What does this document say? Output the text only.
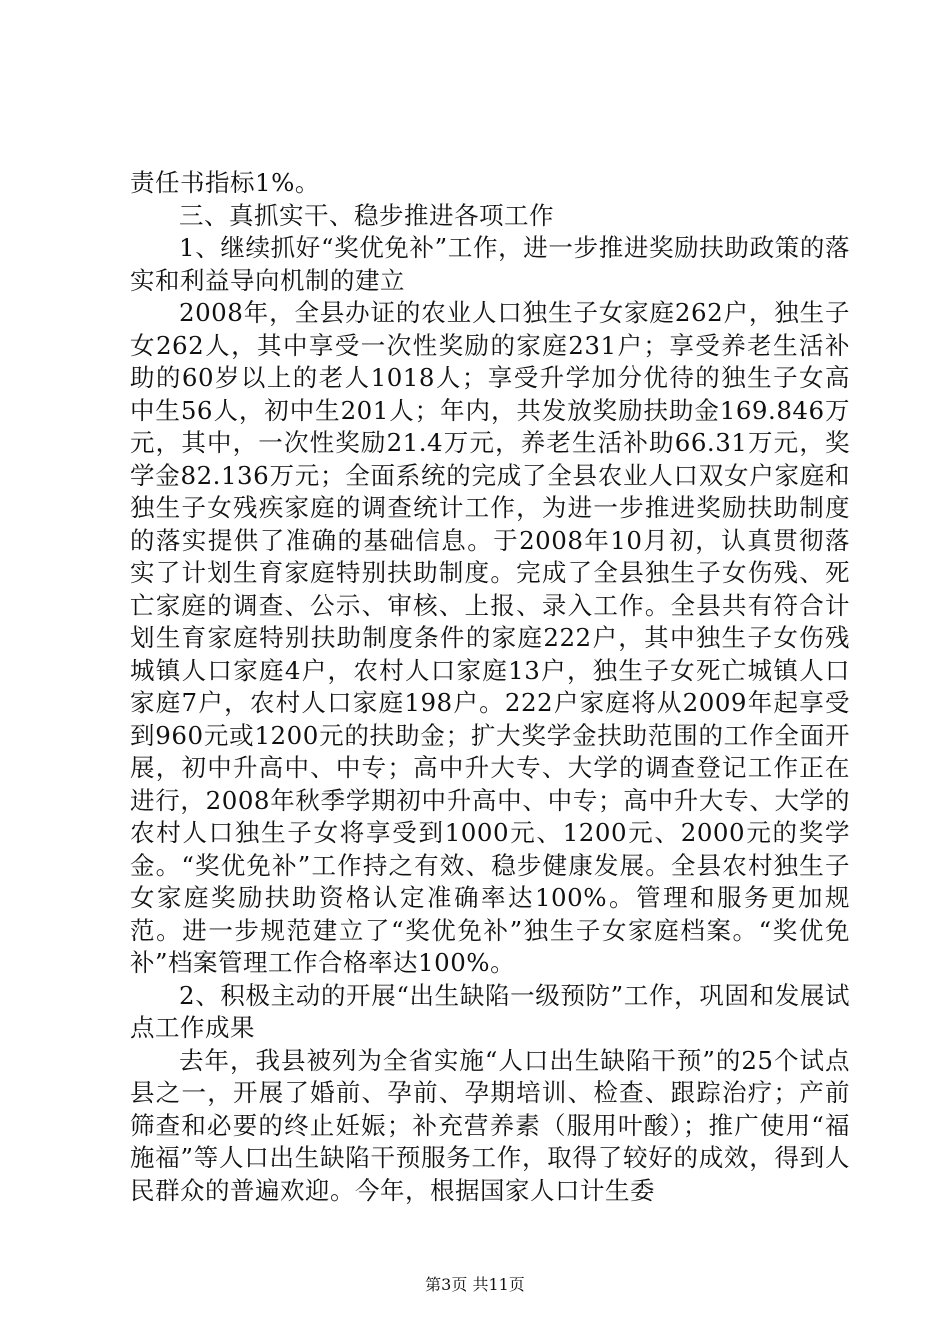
责任书指标1%。

三、真抓实干、稳步推进各项工作

1、继续抓好“奖优免补”工作，进一步推进奖励扶助政策的落实和利益导向机制的建立

2008年，全县办证的农业人口独生子女家庭262户，独生子女262人，其中享受一次性奖励的家庭231户；享受养老生活补助的60岁以上的老人1018人；享受升学加分优待的独生子女高中生56人，初中生201人；年内，共发放奖励扶助金169.846万元，其中，一次性奖励21.4万元，养老生活补助66.31万元，奖学金82.136万元；全面系统的完成了全县农业人口双女户家庭和独生子女残疾家庭的调查统计工作，为进一步推进奖励扶助制度的落实提供了准确的基础信息。于2008年10月初，认真贯彻落实了计划生育家庭特别扶助制度。完成了全县独生子女伤残、死亡家庭的调查、公示、审核、上报、录入工作。全县共有符合计划生育家庭特别扶助制度条件的家庭222户，其中独生子女伤残城镇人口家庭4户，农村人口家庭13户，独生子女死亡城镇人口家庭7户，农村人口家庭198户。222户家庭将从2009年起享受到960元或1200元的扶助金；扩大奖学金扶助范围的工作全面开展，初中升高中、中专；高中升大专、大学的调查登记工作正在进行，2008年秋季学期初中升高中、中专；高中升大专、大学的农村人口独生子女将享受到1000元、1200元、2000元的奖学金。“奖优免补”工作持之有效、稳步健康发展。全县农村独生子女家庭奖励扶助资格认定准确率达100%。管理和服务更加规范。进一步规范建立了“奖优免补”独生子女家庭档案。“奖优免补”档案管理工作合格率达100%。

2、积极主动的开展“出生缺陷一级预防”工作，巩固和发展试点工作成果

去年，我县被列为全省实施“人口出生缺陷干预”的25个试点县之一，开展了婚前、孕前、孕期培训、检查、跟踪治疗；产前筛查和必要的终止妊娠；补充营养素（服用叶酸）；推广使用“福施福”等人口出生缺陷干预服务工作，取得了较好的成效，得到人民群众的普遍欢迎。今年，根据国家人口计生委

第3页 共11页
